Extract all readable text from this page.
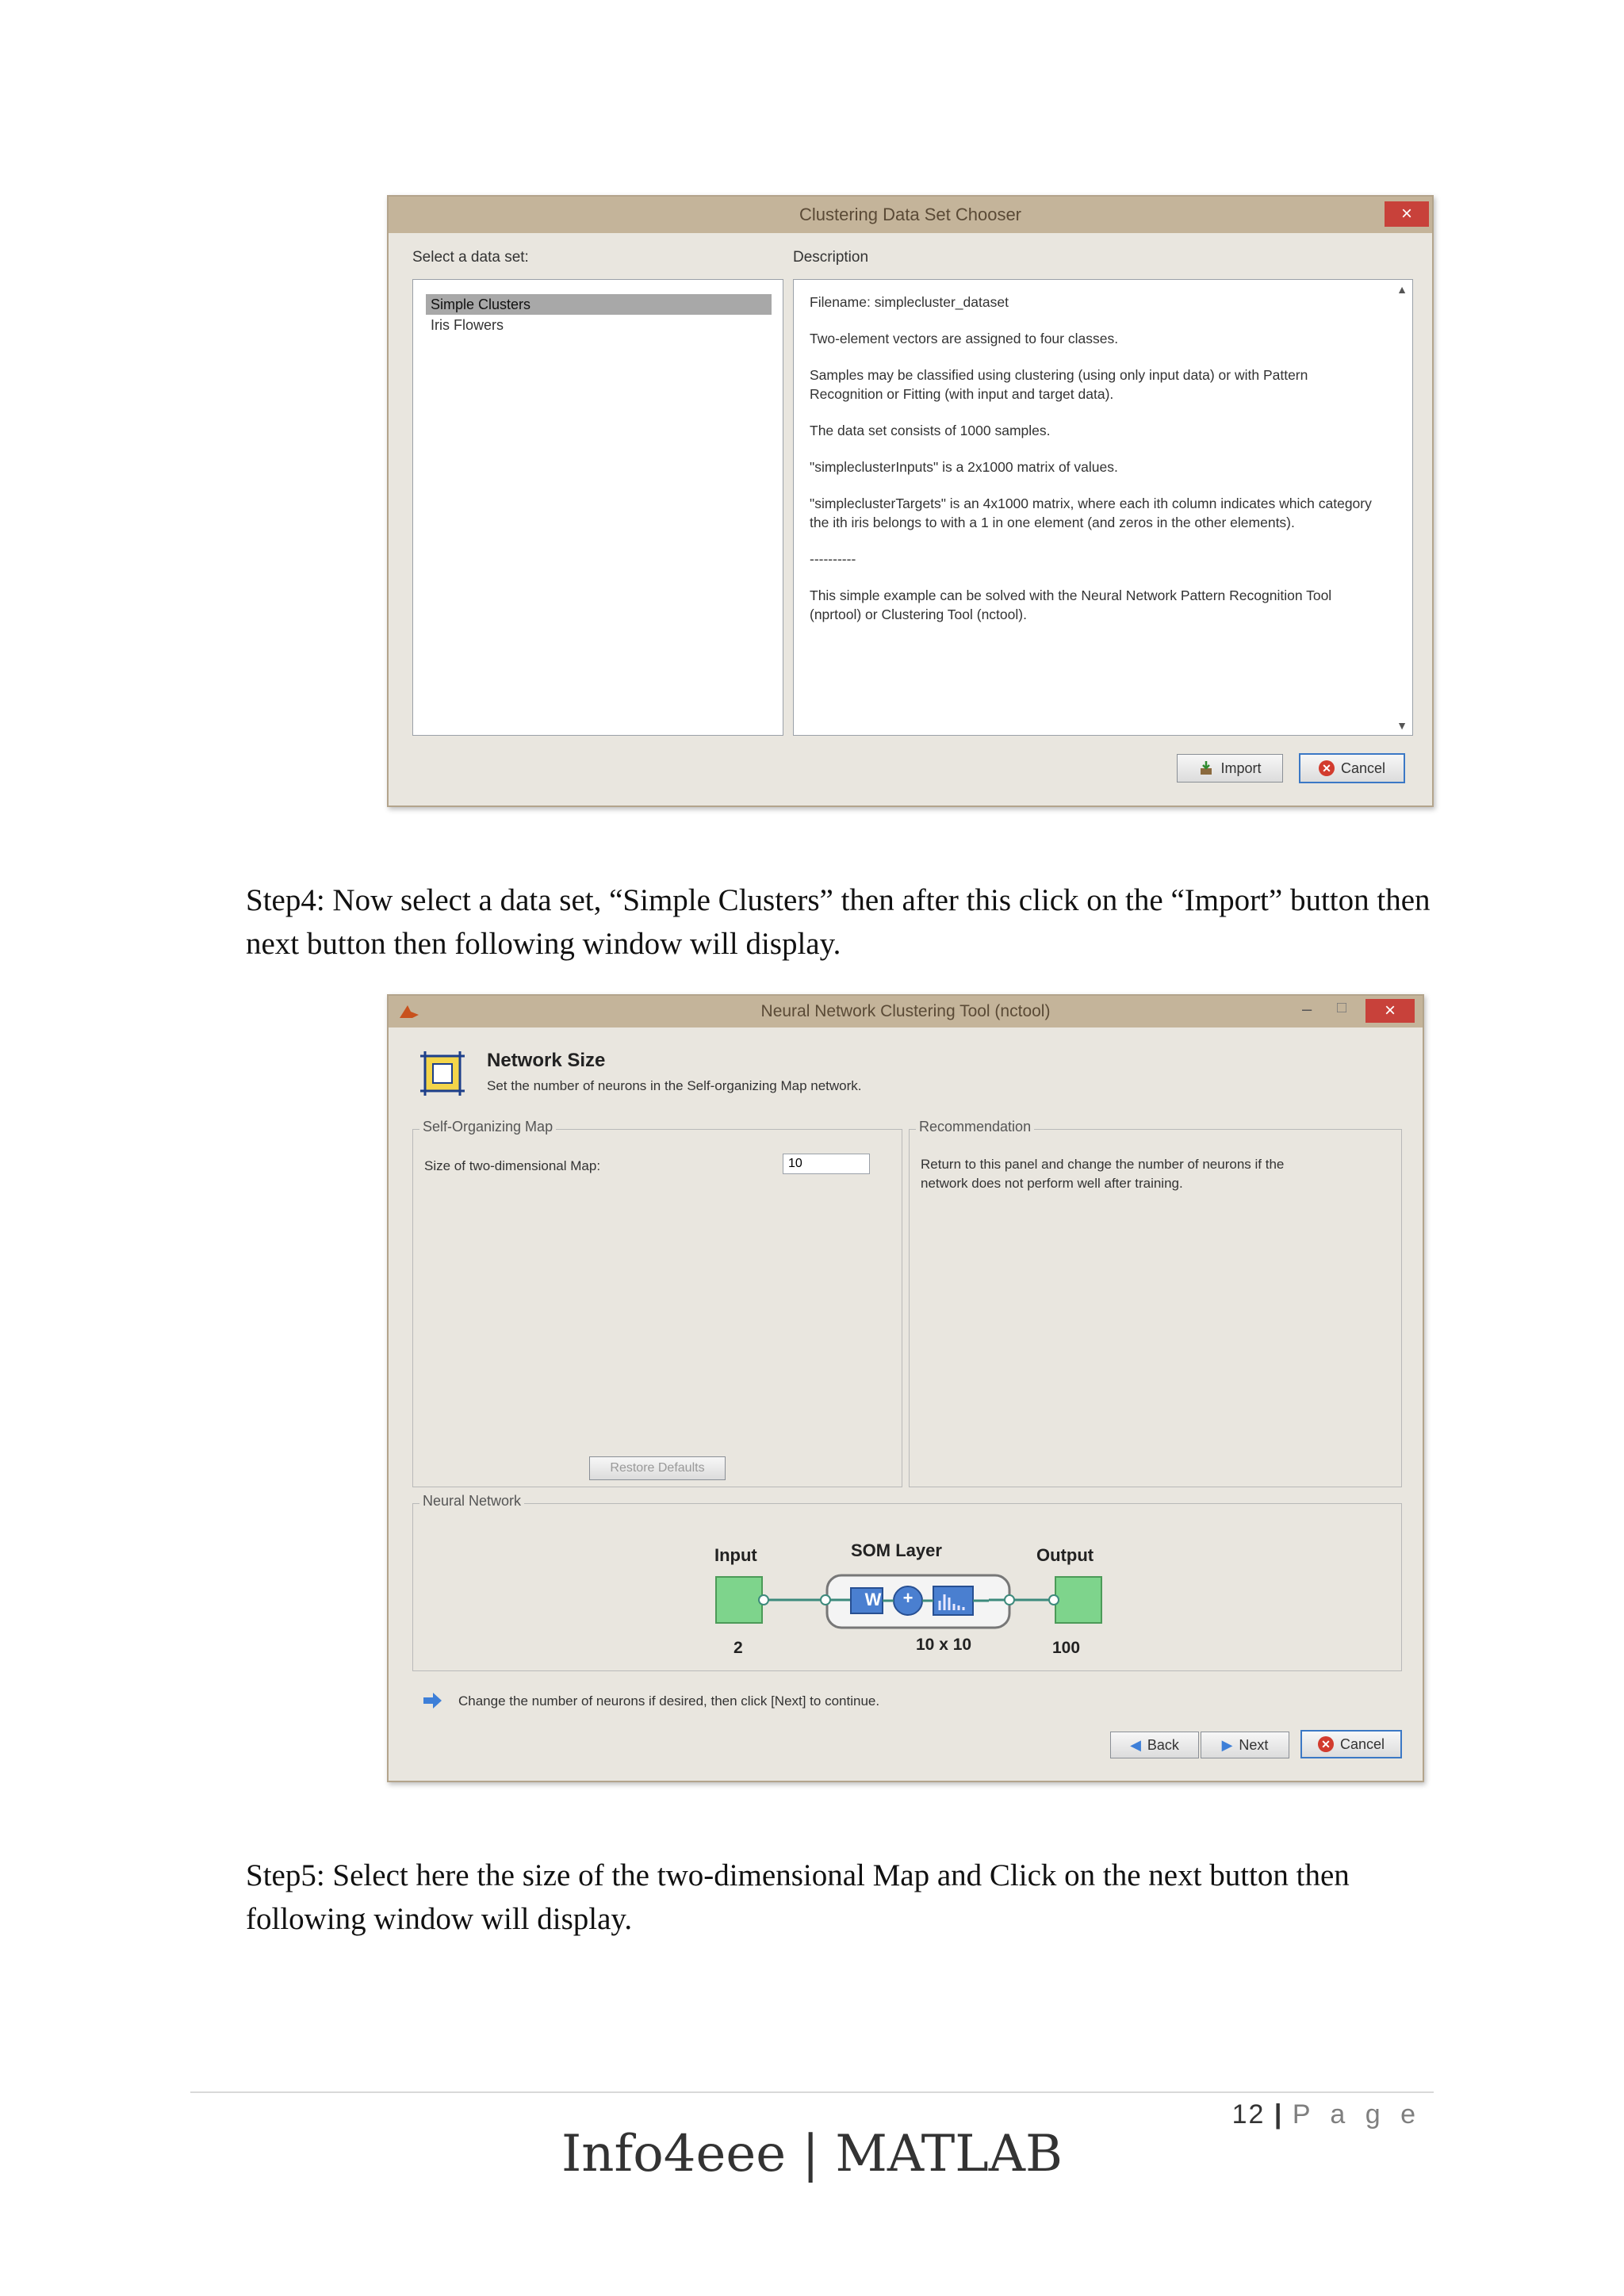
Clustering Data Set Chooser	×
Select a data set:	Description
Simple Clusters
Iris Flowers

Filename: simplecluster_dataset

Two-element vectors are assigned to four classes.

Samples may be classified using clustering (using only input data) or with Pattern Recognition or Fitting (with input and target data).

The data set consists of 1000 samples.

"simpleclusterInputs" is a 2x1000 matrix of values.

"simpleclusterTargets" is an 4x1000 matrix, where each ith column indicates which category the ith iris belongs to with a 1 in one element (and zeros in the other elements).

----------

This simple example can be solved with the Neural Network Pattern Recognition Tool (nprtool) or Clustering Tool (nctool).

▲
▼
Import	✕ Cancel
Step4: Now select a data set, “Simple Clusters” then after this click on the “Import” button then next button then following window will display.
Neural Network Clustering Tool (nctool)	– □	×
Network Size
Set the number of neurons in the Self-organizing Map network.
Self-Organizing Map
Size of two-dimensional Map:
10
Restore Defaults
Recommendation
Return to this panel and change the number of neurons if the network does not perform well after training.
Neural Network
Input	SOM Layer	Output
W	+
2	10 x 10	100
Change the number of neurons if desired, then click [Next] to continue.
◀ Back	▶ Next	✕ Cancel
Step5: Select here the size of the two-dimensional Map and Click on the next button then following window will display.
12 | P a g e
Info4eee | MATLAB
